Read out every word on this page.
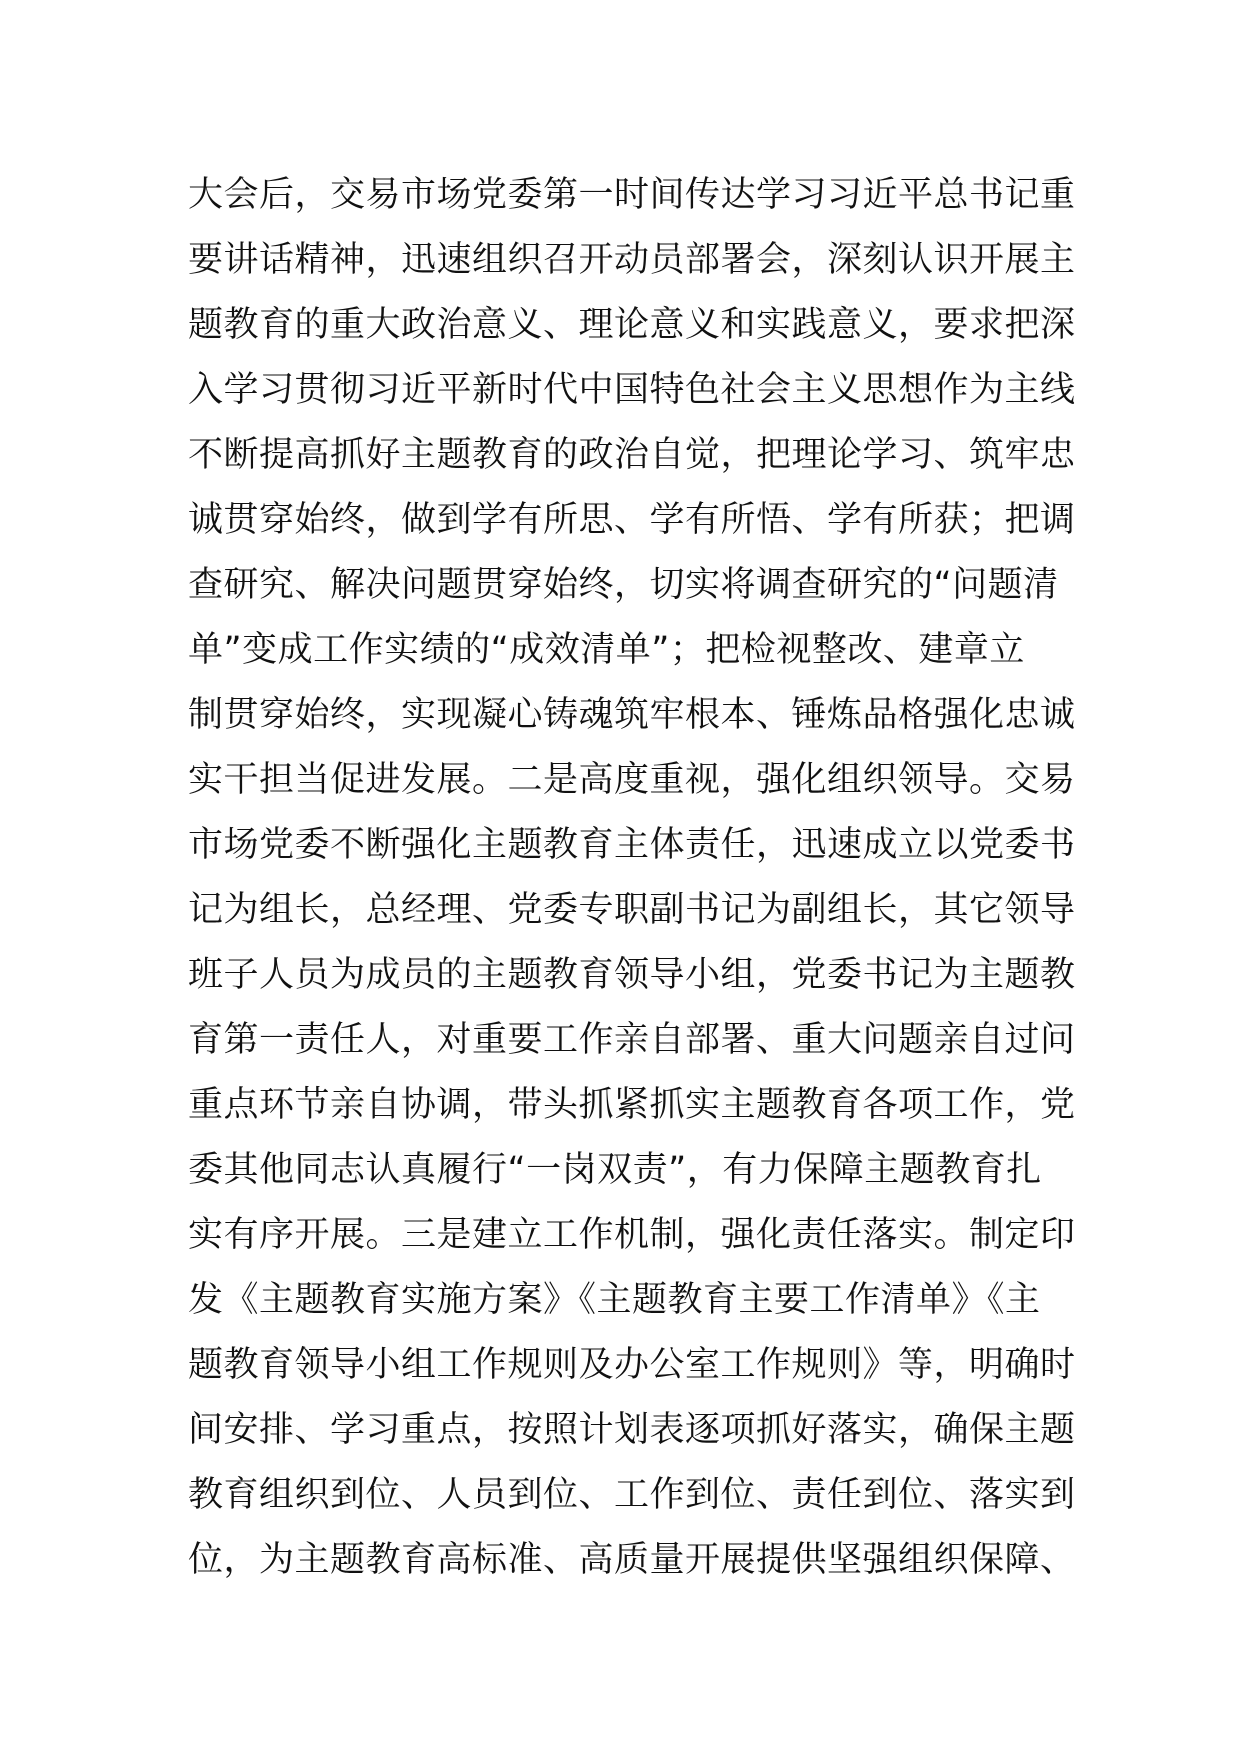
大会后，交易市场党委第一时间传达学习习近平总书记重
要讲话精神，迅速组织召开动员部署会，深刻认识开展主
题教育的重大政治意义、理论意义和实践意义，要求把深
入学习贯彻习近平新时代中国特色社会主义思想作为主线
不断提高抓好主题教育的政治自觉，把理论学习、筑牢忠
诚贯穿始终，做到学有所思、学有所悟、学有所获；把调
查研究、解决问题贯穿始终，切实将调查研究的“问题清
单”变成工作实绩的“成效清单”；把检视整改、建章立
制贯穿始终，实现凝心铸魂筑牢根本、锤炼品格强化忠诚
实干担当促进发展。二是高度重视，强化组织领导。交易
市场党委不断强化主题教育主体责任，迅速成立以党委书
记为组长，总经理、党委专职副书记为副组长，其它领导
班子人员为成员的主题教育领导小组，党委书记为主题教
育第一责任人，对重要工作亲自部署、重大问题亲自过问
重点环节亲自协调，带头抓紧抓实主题教育各项工作，党
委其他同志认真履行“一岗双责”，有力保障主题教育扎
实有序开展。三是建立工作机制，强化责任落实。制定印
发《主题教育实施方案》《主题教育主要工作清单》《主
题教育领导小组工作规则及办公室工作规则》等，明确时
间安排、学习重点，按照计划表逐项抓好落实，确保主题
教育组织到位、人员到位、工作到位、责任到位、落实到
位，为主题教育高标准、高质量开展提供坚强组织保障、
